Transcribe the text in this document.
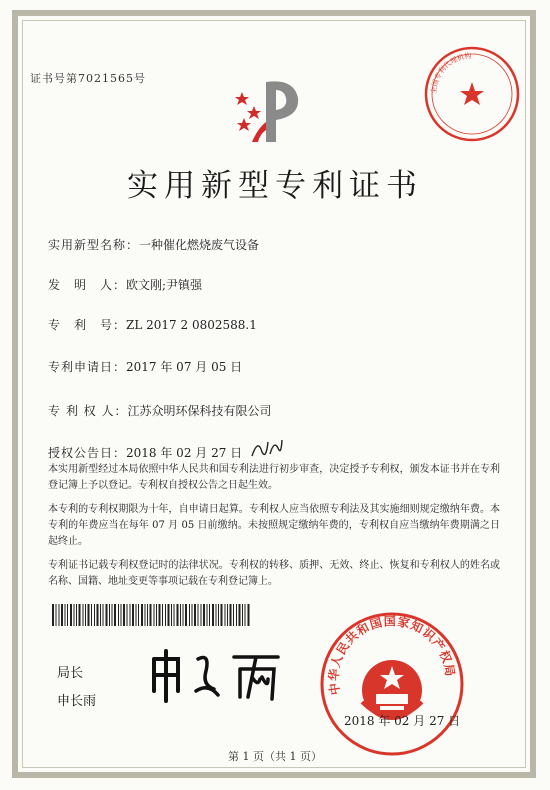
证书号第7021565号
全国专利代理机构
实用新型专利证书
实用新型名称：一种催化燃烧废气设备
发　明　人：欧文刚;尹镇强
专　利　号：ZL 2017 2 0802588.1
专利申请日：2017 年 07 月 05 日
专 利 权 人：江苏众明环保科技有限公司
授权公告日：2018 年 02 月 27 日
本实用新型经过本局依照中华人民共和国专利法进行初步审查，决定授予专利权，颁发本证书并在专利登记簿上予以登记。专利权自授权公告之日起生效。
本专利的专利权期限为十年，自申请日起算。专利权人应当依照专利法及其实施细则规定缴纳年费。本专利的年费应当在每年 07 月 05 日前缴纳。未按照规定缴纳年费的，专利权自应当缴纳年费期满之日起终止。
专利证书记载专利权登记时的法律状况。专利权的转移、质押、无效、终止、恢复和专利权人的姓名或名称、国籍、地址变更等事项记载在专利登记簿上。
局长
申长雨
中华人民共和国国家知识产权局
2018 年 02 月 27 日
第 1 页（共 1 页）
